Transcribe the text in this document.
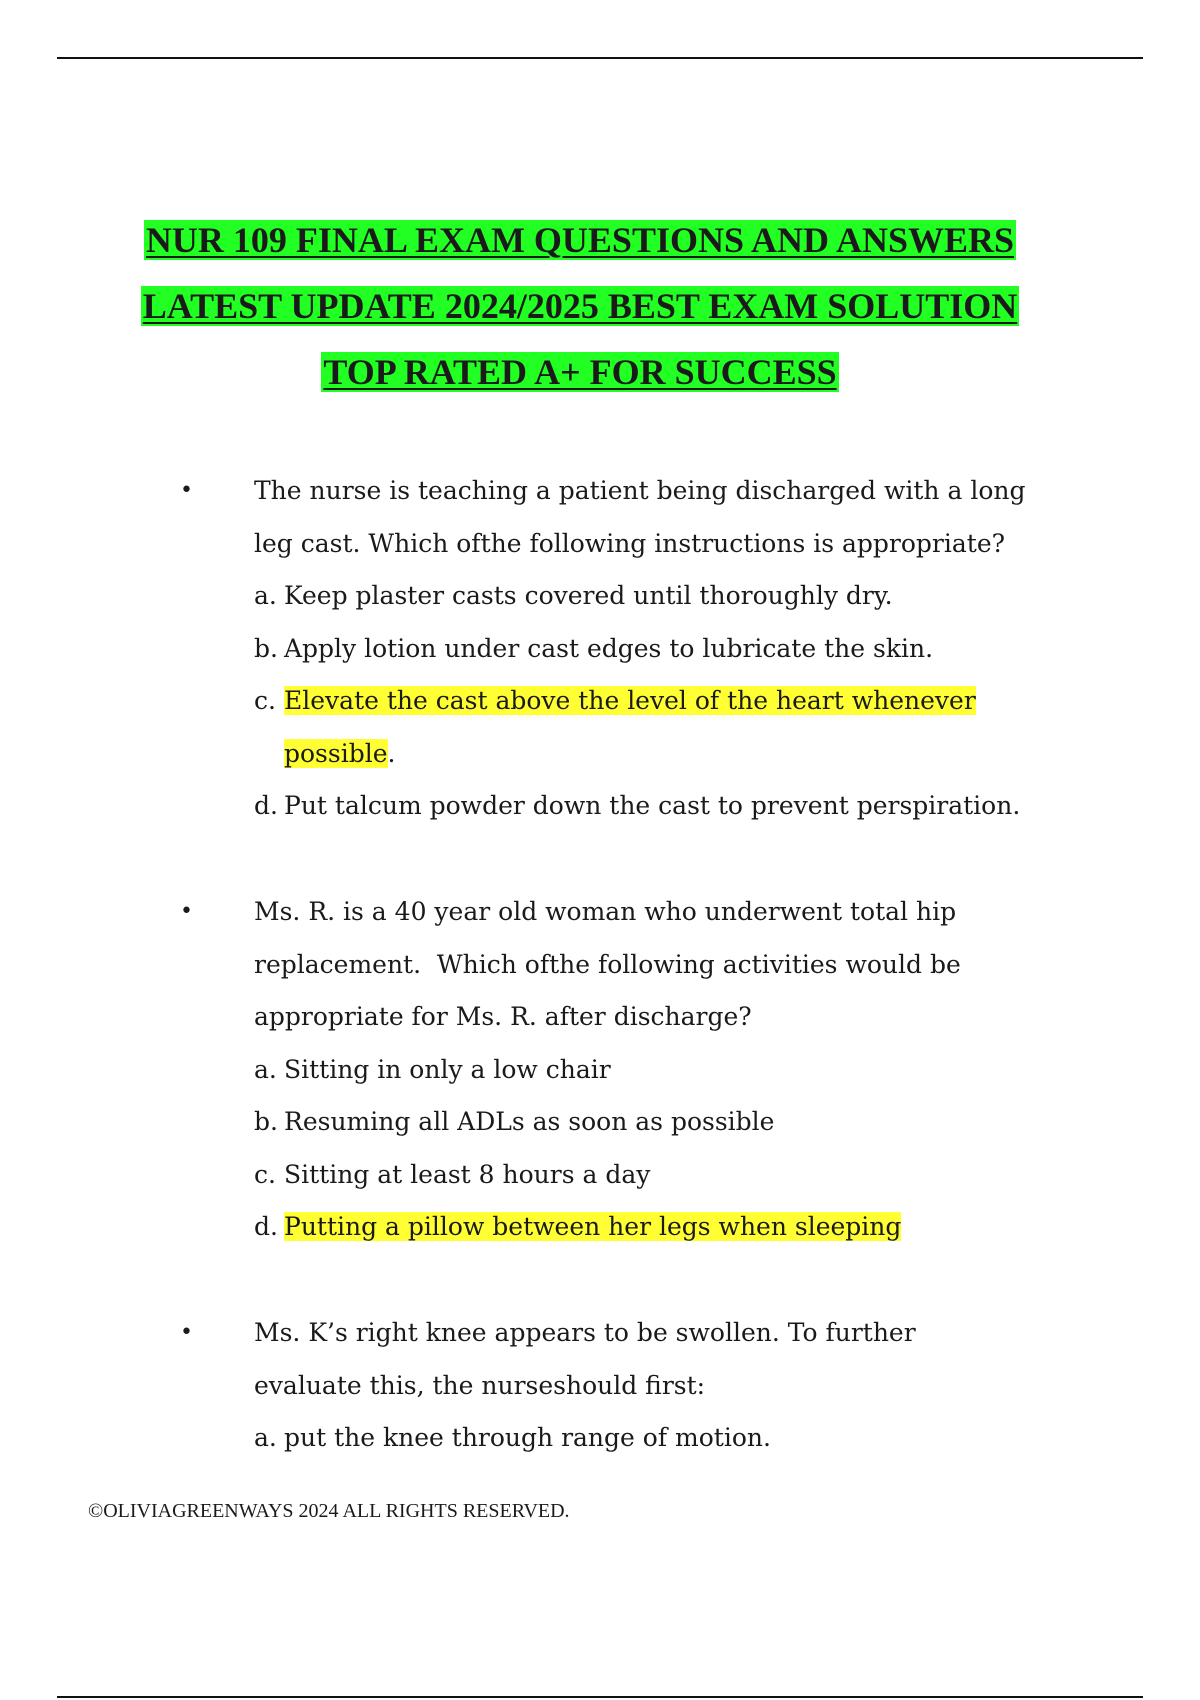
NUR 109 FINAL EXAM QUESTIONS AND ANSWERS
LATEST UPDATE 2024/2025 BEST EXAM SOLUTION
TOP RATED A+ FOR SUCCESS
• The nurse is teaching a patient being discharged with a long

leg cast. Which ofthe following instructions is appropriate?

a. Keep plaster casts covered until thoroughly dry.

b. Apply lotion under cast edges to lubricate the skin.

c. Elevate the cast above the level of the heart whenever
possible.

d. Put talcum powder down the cast to prevent perspiration.

• Ms. R. is a 40 year old woman who underwent total hip

replacement.  Which ofthe following activities would be

appropriate for Ms. R. after discharge?

a. Sitting in only a low chair

b. Resuming all ADLs as soon as possible

c. Sitting at least 8 hours a day

d. Putting a pillow between her legs when sleeping

• Ms. K’s right knee appears to be swollen. To further

evaluate this, the nurseshould first:

a. put the knee through range of motion.

©OLIVIAGREENWAYS 2024 ALL RIGHTS RESERVED.
